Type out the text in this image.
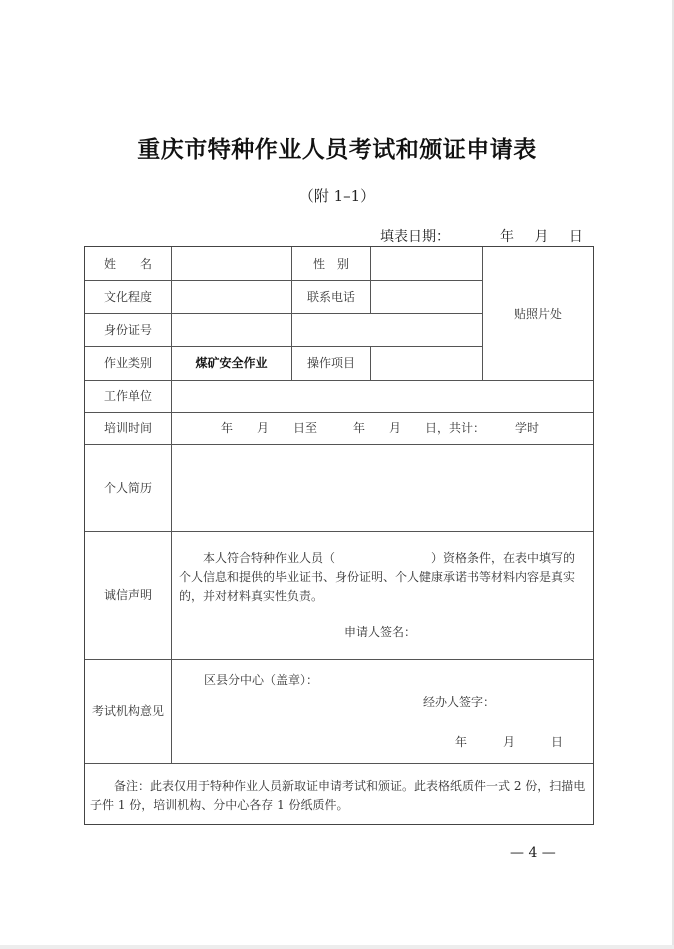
重庆市特种作业人员考试和颁证申请表
（附 1–1）
填表日期：	年 月 日
姓　　名	性　别
贴照片处
文化程度	联系电话
身份证号
作业类别	煤矿安全作业	操作项目
工作单位
培训时间	年　　月　　日至　　　年　　月　　日，共计：　　　学时
个人简历
诚信声明
本人符合特种作业人员（　　　　　　　　）资格条件，在表中填写的个人信息和提供的毕业证书、身份证明、个人健康承诺书等材料内容是真实的，并对材料真实性负责。
申请人签名：
考试机构意见
区县分中心（盖章）：
经办人签字：
年　　　月　　　日
备注：此表仅用于特种作业人员新取证申请考试和颁证。此表格纸质件一式 2 份，扫描电子件 1 份，培训机构、分中心各存 1 份纸质件。
— 4 —
